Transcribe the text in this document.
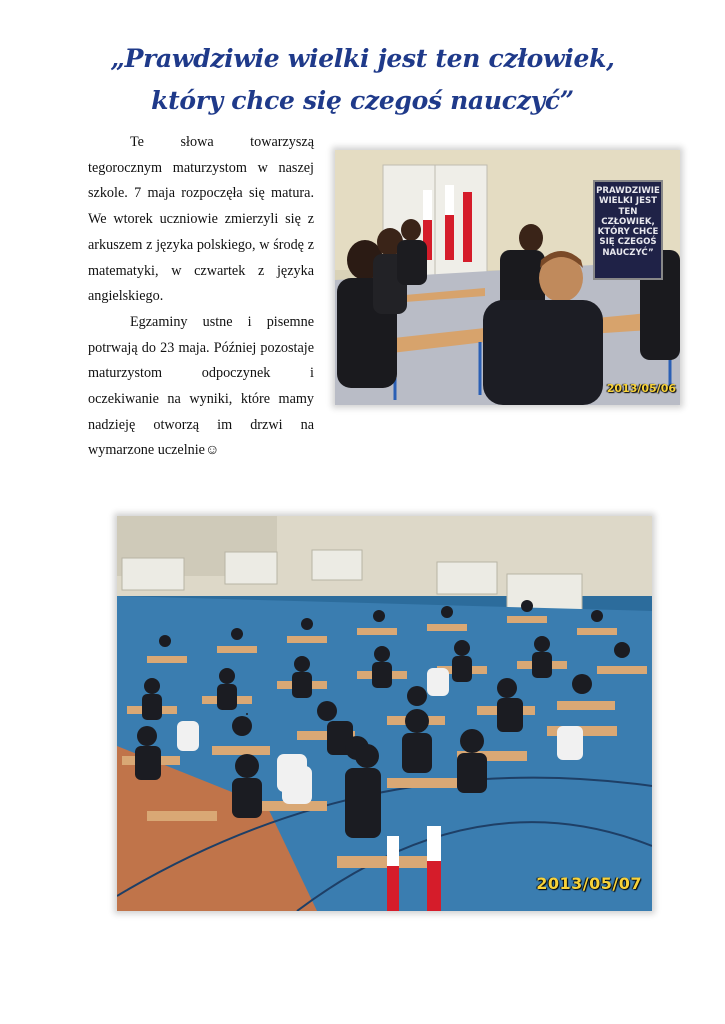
„Prawdziwie wielki jest ten człowiek,
który chce się czegoś nauczyć”

Te słowa towarzyszą tegorocznym maturzystom w naszej szkole. 7 maja rozpoczęła się matura. We wtorek uczniowie zmierzyli się z arkuszem z języka polskiego, w środę z matematyki, w czwartek z języka angielskiego.

Egzaminy ustne i pisemne potrwają do 23 maja. Później pozostaje maturzystom odpoczynek i oczekiwanie na wyniki, które mamy nadzieję otworzą im drzwi na wymarzone uczelnie☺

PRAWDZIWIE
WIELKI JEST
TEN
CZŁOWIEK,
KTÓRY CHCE
SIĘ CZEGOŚ
NAUCZYĆ”
2013/05/06
2013/05/07
